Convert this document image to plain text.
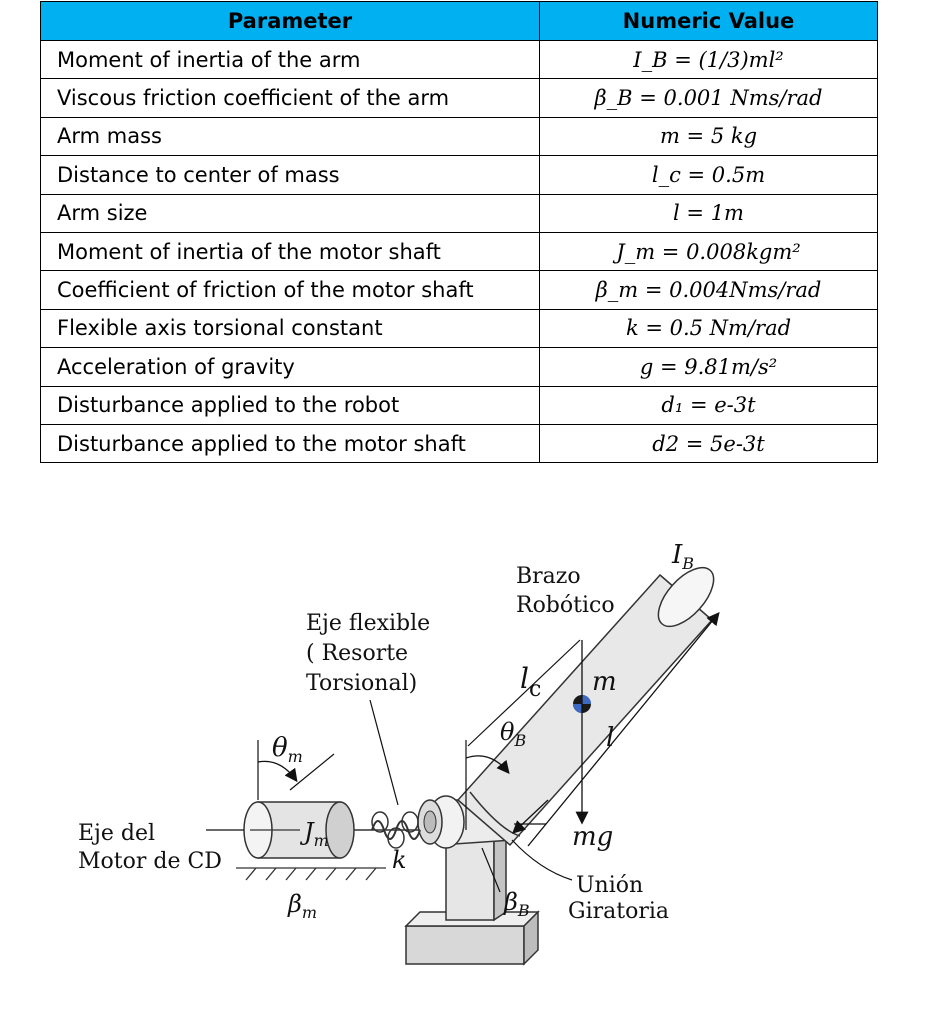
Parameter	Numeric Value
Moment of inertia of the arm	I_B = (1/3)ml²
Viscous friction coefficient of the arm	β_B = 0.001 Nms/rad
Arm mass	m = 5 kg
Distance to center of mass	l_c = 0.5m
Arm size	l = 1m
Moment of inertia of the motor shaft	J_m = 0.008kgm²
Coefficient of friction of the motor shaft	β_m = 0.004Nms/rad
Flexible axis torsional constant	k = 0.5 Nm/rad
Acceleration of gravity	g = 9.81m/s²
Disturbance applied to the robot	d₁ = e-3t
Disturbance applied to the motor shaft	d2 = 5e-3t
Brazo
Robótico
$I_B$
Eje flexible
( Resorte
Torsional)	$l_c$ m
l
$\theta_B$
$\theta_m$
$J_m$
Eje del
Motor de CD	k
mg
Unión
Giratoria
$\beta_B$
$\beta_m$
